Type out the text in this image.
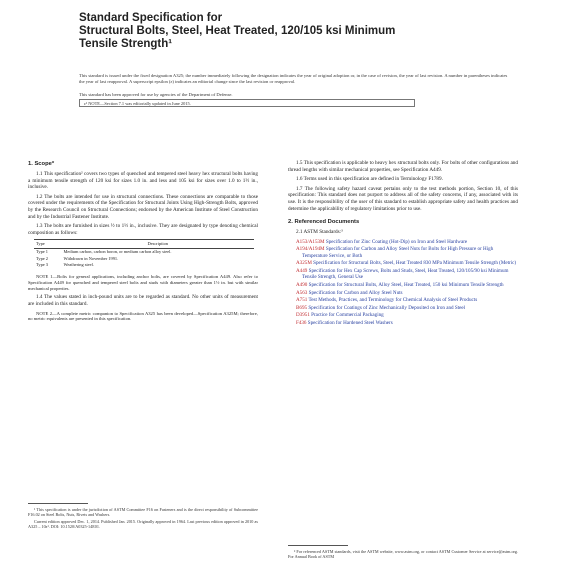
Standard Specification for
Structural Bolts, Steel, Heat Treated, 120/105 ksi Minimum
Tensile Strength¹
This standard is issued under the fixed designation A325; the number immediately following the designation indicates the year of original adoption or, in the case of revision, the year of last revision. A number in parentheses indicates the year of last reapproval. A superscript epsilon (ε) indicates an editorial change since the last revision or reapproval.
This standard has been approved for use by agencies of the Department of Defense.
ε¹ NOTE—Section 7.1 was editorially updated in June 2015.
1. Scope*

1.1 This specification² covers two types of quenched and tempered steel heavy hex structural bolts having a minimum tensile strength of 120 ksi for sizes 1.0 in. and less and 105 ksi for sizes over 1.0 to 1½ in., inclusive.

1.2 The bolts are intended for use in structural connections. These connections are comparable to those covered under the requirements of the Specification for Structural Joints Using High-Strength Bolts, approved by the Research Council on Structural Connections; endorsed by the American Institute of Steel Construction and by the Industrial Fastener Institute.

1.3 The bolts are furnished in sizes ½ to 1½ in., inclusive. They are designated by type denoting chemical composition as follows:

Type	Description
Type 1	Medium carbon, carbon boron, or medium carbon alloy steel.
Type 2	Withdrawn in November 1991.
Type 3	Weathering steel.
NOTE 1—Bolts for general applications, including anchor bolts, are covered by Specification A449. Also refer to Specification A449 for quenched and tempered steel bolts and studs with diameters greater than 1½ in. but with similar mechanical properties.

1.4 The values stated in inch-pound units are to be regarded as standard. No other units of measurement are included in this standard.

NOTE 2—A complete metric companion to Specification A325 has been developed—Specification A325M; therefore, no metric equivalents are presented in this specification.

¹ This specification is under the jurisdiction of ASTM Committee F16 on Fasteners and is the direct responsibility of Subcommittee F16.02 on Steel Bolts, Nuts, Rivets and Washers.

Current edition approved Dec. 1, 2014. Published Jan. 2015. Originally approved in 1964. Last previous edition approved in 2010 as A325 – 10ε¹. DOI: 10.1520/A0325-14E01.

1.5 This specification is applicable to heavy hex structural bolts only. For bolts of other configurations and thread lengths with similar mechanical properties, see Specification A449.

1.6 Terms used in this specification are defined in Terminology F1789.

1.7 The following safety hazard caveat pertains only to the test methods portion, Section 10, of this specification: This standard does not purport to address all of the safety concerns, if any, associated with its use. It is the responsibility of the user of this standard to establish appropriate safety and health practices and determine the applicability of regulatory limitations prior to use.

2. Referenced Documents

2.1 ASTM Standards:³

A153/A153M Specification for Zinc Coating (Hot-Dip) on Iron and Steel Hardware
A194/A194M Specification for Carbon and Alloy Steel Nuts for Bolts for High Pressure or High Temperature Service, or Both
A325M Specification for Structural Bolts, Steel, Heat Treated 830 MPa Minimum Tensile Strength (Metric)
A449 Specification for Hex Cap Screws, Bolts and Studs, Steel, Heat Treated, 120/105/90 ksi Minimum Tensile Strength, General Use
A490 Specification for Structural Bolts, Alloy Steel, Heat Treated, 150 ksi Minimum Tensile Strength
A563 Specification for Carbon and Alloy Steel Nuts
A751 Test Methods, Practices, and Terminology for Chemical Analysis of Steel Products
B695 Specification for Coatings of Zinc Mechanically Deposited on Iron and Steel
D3951 Practice for Commercial Packaging
F436 Specification for Hardened Steel Washers

³ For referenced ASTM standards, visit the ASTM website, www.astm.org, or contact ASTM Customer Service at service@astm.org. For Annual Book of ASTM
